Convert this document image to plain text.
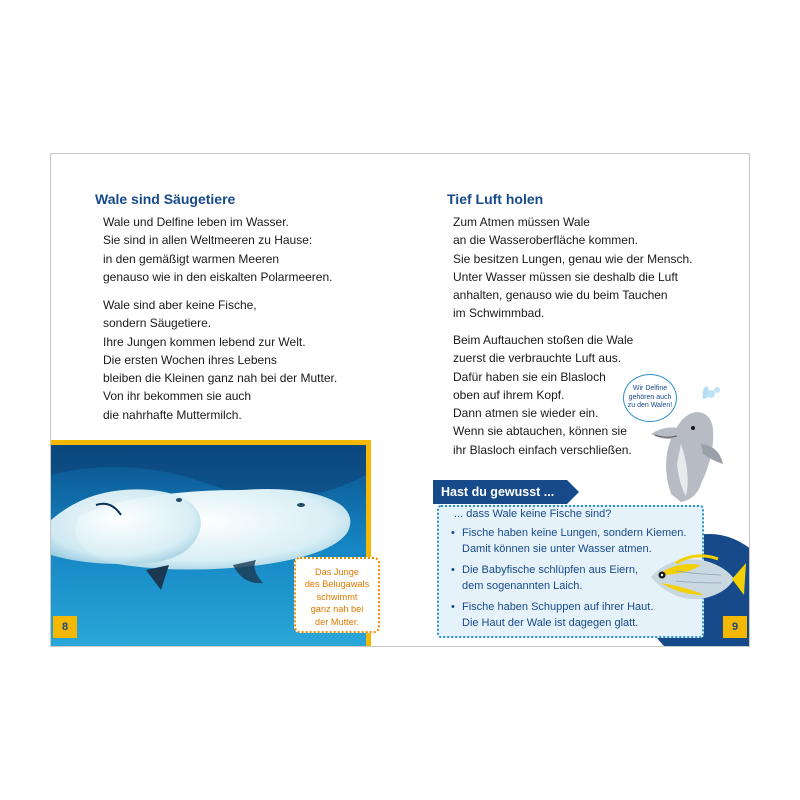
Wale sind Säugetiere
Wale und Delfine leben im Wasser.
Sie sind in allen Weltmeeren zu Hause:
in den gemäßigt warmen Meeren
genauso wie in den eiskalten Polarmeeren.
Wale sind aber keine Fische,
sondern Säugetiere.
Ihre Jungen kommen lebend zur Welt.
Die ersten Wochen ihres Lebens
bleiben die Kleinen ganz nah bei der Mutter.
Von ihr bekommen sie auch
die nahrhafte Muttermilch.
Das Junge
des Belugawals
schwimmt
ganz nah bei
der Mutter.
8
Tief Luft holen
Zum Atmen müssen Wale
an die Wasseroberfläche kommen.
Sie besitzen Lungen, genau wie der Mensch.
Unter Wasser müssen sie deshalb die Luft
anhalten, genauso wie du beim Tauchen
im Schwimmbad.
Beim Auftauchen stoßen die Wale
zuerst die verbrauchte Luft aus.
Dafür haben sie ein Blasloch
oben auf ihrem Kopf.
Dann atmen sie wieder ein.
Wenn sie abtauchen, können sie
ihr Blasloch einfach verschließen.
Wir Delfine
gehören auch
zu den Walen!
Hast du gewusst ...
... dass Wale keine Fische sind?
• Fische haben keine Lungen, sondern Kiemen.
Damit können sie unter Wasser atmen.
• Die Babyfische schlüpfen aus Eiern,
dem sogenannten Laich.
• Fische haben Schuppen auf ihrer Haut.
Die Haut der Wale ist dagegen glatt.	9
